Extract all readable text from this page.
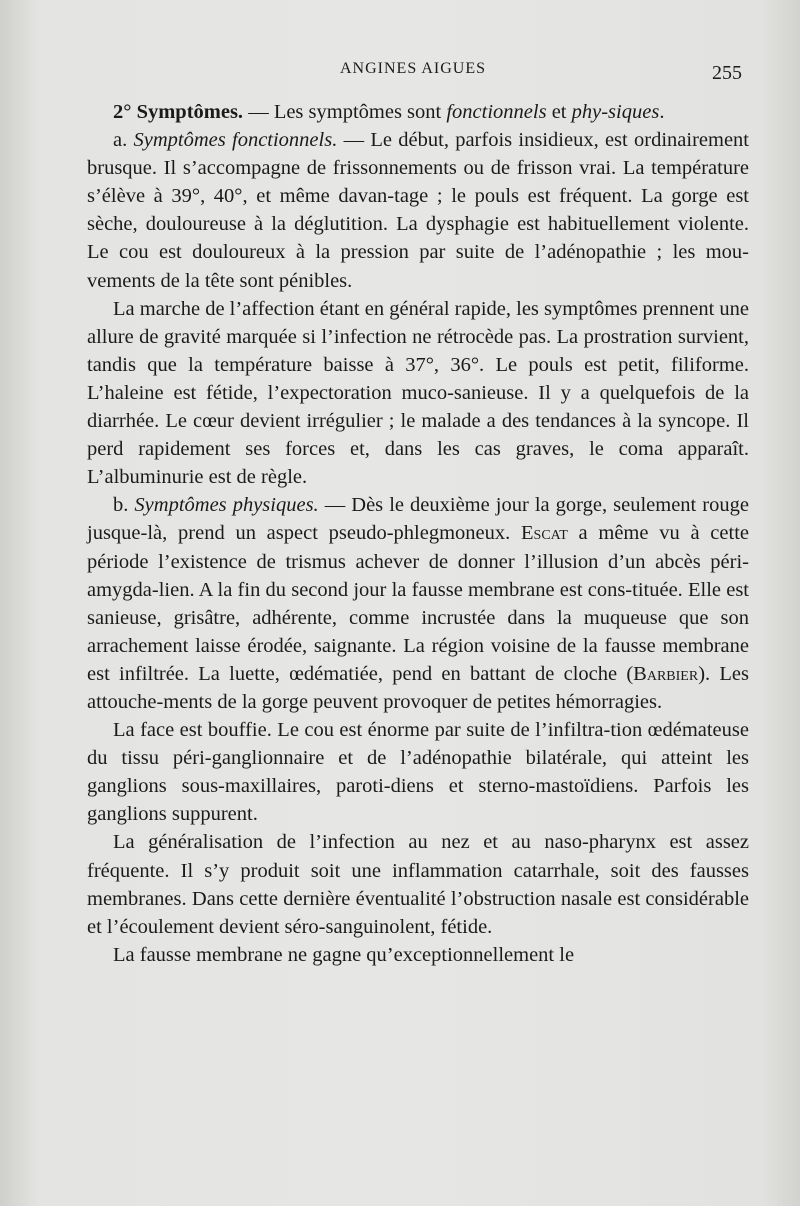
ANGINES AIGUES	255

2° Symptômes. — Les symptômes sont fonctionnels et phy-siques.

a. Symptômes fonctionnels. — Le début, parfois insidieux, est ordinairement brusque. Il s’accompagne de frissonnements ou de frisson vrai. La température s’élève à 39°, 40°, et même davan-tage ; le pouls est fréquent. La gorge est sèche, douloureuse à la déglutition. La dysphagie est habituellement violente. Le cou est douloureux à la pression par suite de l’adénopathie ; les mou-vements de la tête sont pénibles.

La marche de l’affection étant en général rapide, les symptômes prennent une allure de gravité marquée si l’infection ne rétrocède pas. La prostration survient, tandis que la température baisse à 37°, 36°. Le pouls est petit, filiforme. L’haleine est fétide, l’expectoration muco-sanieuse. Il y a quelquefois de la diarrhée. Le cœur devient irrégulier ; le malade a des tendances à la syncope. Il perd rapidement ses forces et, dans les cas graves, le coma apparaît. L’albuminurie est de règle.

b. Symptômes physiques. — Dès le deuxième jour la gorge, seulement rouge jusque-là, prend un aspect pseudo-phlegmoneux. Escat a même vu à cette période l’existence de trismus achever de donner l’illusion d’un abcès péri-amygda-lien. A la fin du second jour la fausse membrane est cons-tituée. Elle est sanieuse, grisâtre, adhérente, comme incrustée dans la muqueuse que son arrachement laisse érodée, saignante. La région voisine de la fausse membrane est infiltrée. La luette, œdématiée, pend en battant de cloche (Barbier). Les attouche-ments de la gorge peuvent provoquer de petites hémorragies.

La face est bouffie. Le cou est énorme par suite de l’infiltra-tion œdémateuse du tissu péri-ganglionnaire et de l’adénopathie bilatérale, qui atteint les ganglions sous-maxillaires, paroti-diens et sterno-mastoïdiens. Parfois les ganglions suppurent.

La généralisation de l’infection au nez et au naso-pharynx est assez fréquente. Il s’y produit soit une inflammation catarrhale, soit des fausses membranes. Dans cette dernière éventualité l’obstruction nasale est considérable et l’écoulement devient séro-sanguinolent, fétide.

La fausse membrane ne gagne qu’exceptionnellement le
